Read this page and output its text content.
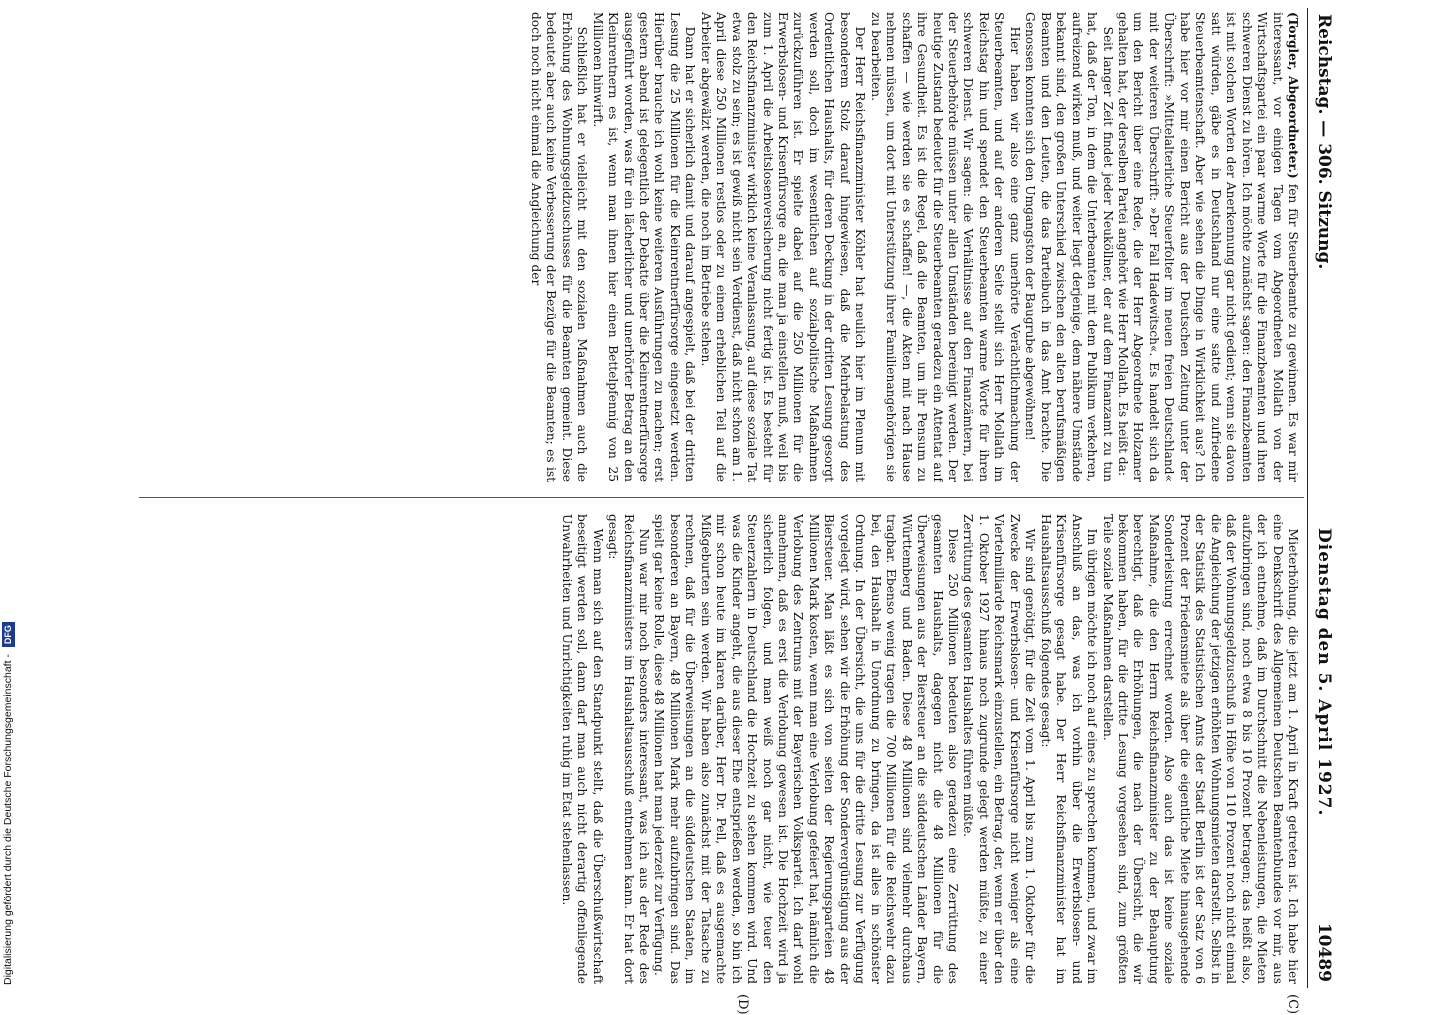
Digitalisierung gefördert durch die Deutsche Forschungsgemeinschaft - DFG
Reichstag. — 306. Sitzung.
Dienstag den 5. April 1927.
10489
(C)
(D)

(Torgler, Abgeordneter.) fen für Steuerbeamte zu gewinnen. Es war mir interessant, vor einigen Tagen vom Abgeordneten Mollath von der Wirtschaftspartei ein paar warme Worte für die Finanzbeamten und ihren schweren Dienst zu hören. Ich möchte zunächst sagen: den Finanzbeamten ist mit solchen Worten der Anerkennung gar nicht gedient; wenn sie davon satt würden, gäbe es in Deutschland nur eine satte und zufriedene Steuerbeamtenschaft. Aber wie sehen die Dinge in Wirklichkeit aus? Ich habe hier vor mir einen Bericht aus der Deutschen Zeitung unter der Überschrift: »Mittelalterliche Steuerfolter im neuen freien Deutschland« mit der weiteren Überschrift: »Der Fall Hadewitsch«. Es handelt sich da um den Bericht über eine Rede, die der Herr Abgeordnete Holzamer gehalten hat, der derselben Partei angehört wie Herr Mollath. Es heißt da:

Seit langer Zeit findet jeder Neuköllner, der auf dem Finanzamt zu tun hat, daß der Ton, in dem die Unterbeamten mit dem Publikum verkehren, aufreizend wirken muß, und weiter liegt derjenige, dem nähere Umstände bekannt sind, den großen Unterschied zwischen den alten berufsmäßigen Beamten und den Leuten, die das Parteibuch in das Amt brachte. Die Genossen konnten sich den Umgangston der Baugrube abgewöhnen!

Hier haben wir also eine ganz unerhörte Verächtlichmachung der Steuerbeamten, und auf der anderen Seite stellt sich Herr Mollath im Reichstag hin und spendet den Steuerbeamten warme Worte für ihren schweren Dienst. Wir sagen: die Verhältnisse auf den Finanzämtern, bei der Steuerbehörde müssen unter allen Umständen bereinigt werden. Der heutige Zustand bedeutet für die Steuerbeamten geradezu ein Attentat auf ihre Gesundheit. Es ist die Regel, daß die Beamten, um ihr Pensum zu schaffen — wie werden sie es schaffen! —, die Akten mit nach Hause nehmen müssen, um dort mit Unterstützung ihrer Familienangehörigen sie zu bearbeiten.

Der Herr Reichsfinanzminister Köhler hat neulich hier im Plenum mit besonderem Stolz darauf hingewiesen, daß die Mehrbelastung des Ordentlichen Haushalts, für deren Deckung in der dritten Lesung gesorgt werden soll, doch im wesentlichen auf sozialpolitische Maßnahmen zurückzuführen ist. Er spielte dabei auf die 250 Millionen für die Erwerbslosen- und Krisenfürsorge an, die man ja einstellen muß, weil bis zum 1. April die Arbeitslosenversicherung nicht fertig ist. Es besteht für den Reichsfinanzminister wirklich keine Veranlassung, auf diese soziale Tat etwa stolz zu sein; es ist gewiß nicht sein Verdienst, daß nicht schon am 1. April diese 250 Millionen restlos oder zu einem erheblichen Teil auf die Arbeiter abgewälzt werden, die noch im Betriebe stehen.

Dann hat er sicherlich damit und darauf angespielt, daß bei der dritten Lesung die 25 Millionen für die Kleinrentnerfürsorge eingesetzt werden. Hierüber brauche ich wohl keine weiteren Ausführungen zu machen; erst gestern abend ist gelegentlich der Debatte über die Kleinrentnerfürsorge ausgeführt worden, was für ein lächerlicher und unerhörter Betrag an den Kleinrentnern es ist, wenn man ihnen hier einen Bettelpfennig von 25 Millionen hinwirft.

Schließlich hat er vielleicht mit den sozialen Maßnahmen auch die Erhöhung des Wohnungsgeldzuschusses für die Beamten gemeint. Diese bedeutet aber auch keine Verbesserung der Bezüge für die Beamten; es ist doch noch nicht einmal die Angleichung der

Mieterhöhung, die jetzt am 1. April in Kraft getreten ist. Ich habe hier eine Denkschrift des Allgemeinen Deutschen Beamtenbundes vor mir, aus der ich entnehme, daß im Durchschnitt die Nebenleistungen, die Mieten aufzubringen sind, noch etwa 8 bis 10 Prozent betragen; das heißt also, daß der Wohnungsgeldzuschuß in Höhe von 110 Prozent noch nicht einmal die Angleichung der jetzigen erhöhten Wohnungsmieten darstellt. Selbst in der Statistik des Statistischen Amts der Stadt Berlin ist der Satz von 6 Prozent der Friedensmiete als über die eigentliche Miete hinausgehende Sonderleistung errechnet worden. Also auch das ist keine soziale Maßnahme, die den Herrn Reichsfinanzminister zu der Behauptung berechtigt, daß die Erhöhungen, die nach der Übersicht, die wir bekommen haben, für die dritte Lesung vorgesehen sind, zum größten Teile soziale Maßnahmen darstellen.

Im übrigen möchte ich noch auf eines zu sprechen kommen, und zwar im Anschluß an das, was ich vorhin über die Erwerbslosen- und Krisenfürsorge gesagt habe. Der Herr Reichsfinanzminister hat im Haushaltsausschuß folgendes gesagt:

Wir sind genötigt, für die Zeit vom 1. April bis zum 1. Oktober für die Zwecke der Erwerbslosen- und Krisenfürsorge nicht weniger als eine Viertelmilliarde Reichsmark einzustellen, ein Betrag, der, wenn er über den 1. Oktober 1927 hinaus noch zugrunde gelegt werden müßte, zu einer Zerrüttung des gesamten Haushaltes führen müßte.

Diese 250 Millionen bedeuten also geradezu eine Zerrüttung des gesamten Haushalts, dagegen nicht die 48 Millionen für die Überweisungen aus der Biersteuer an die süddeutschen Länder Bayern, Württemberg und Baden. Diese 48 Millionen sind vielmehr durchaus tragbar. Ebenso wenig tragen die 700 Millionen für die Reichswehr dazu bei, den Haushalt in Unordnung zu bringen, da ist alles in schönster Ordnung. In der Übersicht, die uns für die dritte Lesung zur Verfügung vorgelegt wird, sehen wir die Erhöhung der Sondervergünstigung aus der Biersteuer. Man läßt es sich von seiten der Regierungsparteien 48 Millionen Mark kosten, wenn man eine Verlobung gefeiert hat, nämlich die Verlobung des Zentrums mit der Bayerischen Volkspartei. Ich darf wohl annehmen, daß es erst die Verlobung gewesen ist. Die Hochzeit wird ja sicherlich folgen, und man weiß noch gar nicht, wie teuer den Steuerzahlern in Deutschland die Hochzeit zu stehen kommen wird. Und was die Kinder angeht, die aus dieser Ehe entsprießen werden, so bin ich mir schon heute im klaren darüber, Herr Dr. Pell, daß es ausgemachte Mißgeburten sein werden. Wir haben also zunächst mit der Tatsache zu rechnen, daß für die Überweisungen an die süddeutschen Staaten, im besonderen an Bayern, 48 Millionen Mark mehr aufzubringen sind. Das spielt gar keine Rolle, diese 48 Millionen hat man jederzeit zur Verfügung.

Nun war mir noch besonders interessant, was ich aus der Rede des Reichsfinanzministers im Haushaltsausschuß entnehmen kann. Er hat dort gesagt:

Wenn man sich auf den Standpunkt stellt, daß die Überschußwirtschaft beseitigt werden soll, dann darf man auch nicht derartig offenliegende Unwahrheiten und Unrichtigkeiten ruhig im Etat stehenlassen.
